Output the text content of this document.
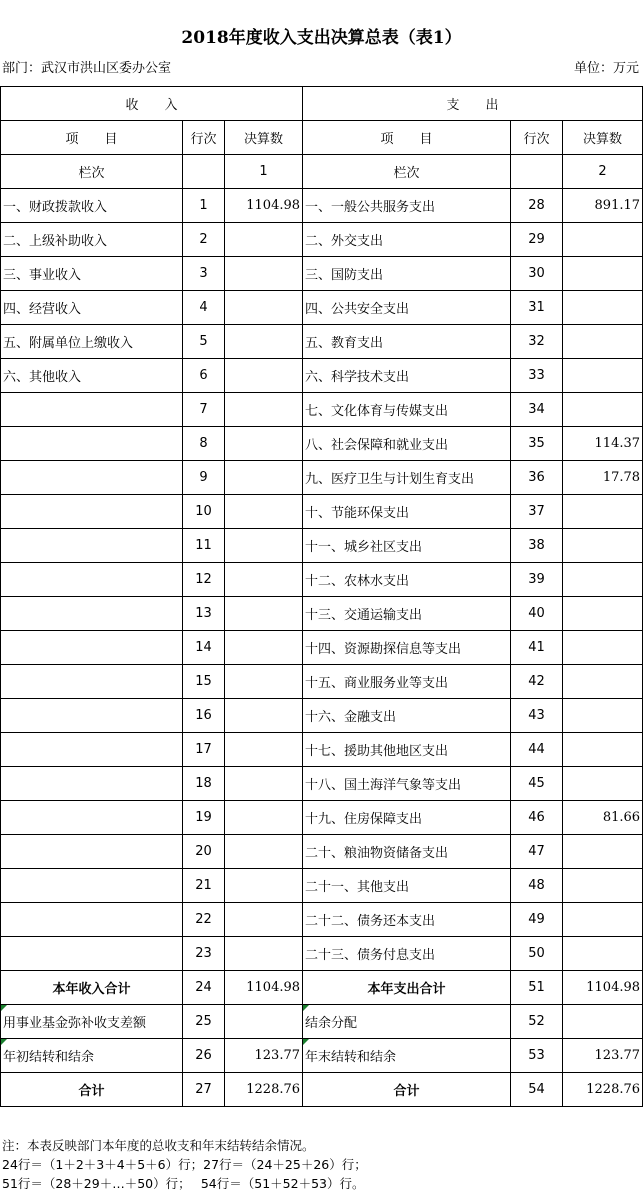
2018年度收入支出决算总表（表1）
部门：武汉市洪山区委办公室	单位：万元
收　　入			支　　出		
项　　目	行次	决算数	项　　目	行次	决算数
栏次		1	栏次		2
一、财政拨款收入	1	1104.98	一、一般公共服务支出	28	891.17
二、上级补助收入	2		二、外交支出	29	
三、事业收入	3		三、国防支出	30	
四、经营收入	4		四、公共安全支出	31	
五、附属单位上缴收入	5		五、教育支出	32	
六、其他收入	6		六、科学技术支出	33	
	7		七、文化体育与传媒支出	34	
	8		八、社会保障和就业支出	35	114.37
	9		九、医疗卫生与计划生育支出	36	17.78
	10		十、节能环保支出	37	
	11		十一、城乡社区支出	38	
	12		十二、农林水支出	39	
	13		十三、交通运输支出	40	
	14		十四、资源勘探信息等支出	41	
	15		十五、商业服务业等支出	42	
	16		十六、金融支出	43	
	17		十七、援助其他地区支出	44	
	18		十八、国土海洋气象等支出	45	
	19		十九、住房保障支出	46	81.66
	20		二十、粮油物资储备支出	47	
	21		二十一、其他支出	48	
	22		二十二、债务还本支出	49	
	23		二十三、债务付息支出	50	
本年收入合计	24	1104.98	本年支出合计	51	1104.98
用事业基金弥补收支差额	25		结余分配	52	
年初结转和结余	26	123.77	年末结转和结余	53	123.77
合计	27	1228.76	合计	54	1228.76
注：本表反映部门本年度的总收支和年末结转结余情况。
24行＝（1＋2＋3＋4＋5＋6）行；27行＝（24＋25＋26）行；
51行＝（28＋29＋…＋50）行；　 54行＝（51＋52＋53）行。
